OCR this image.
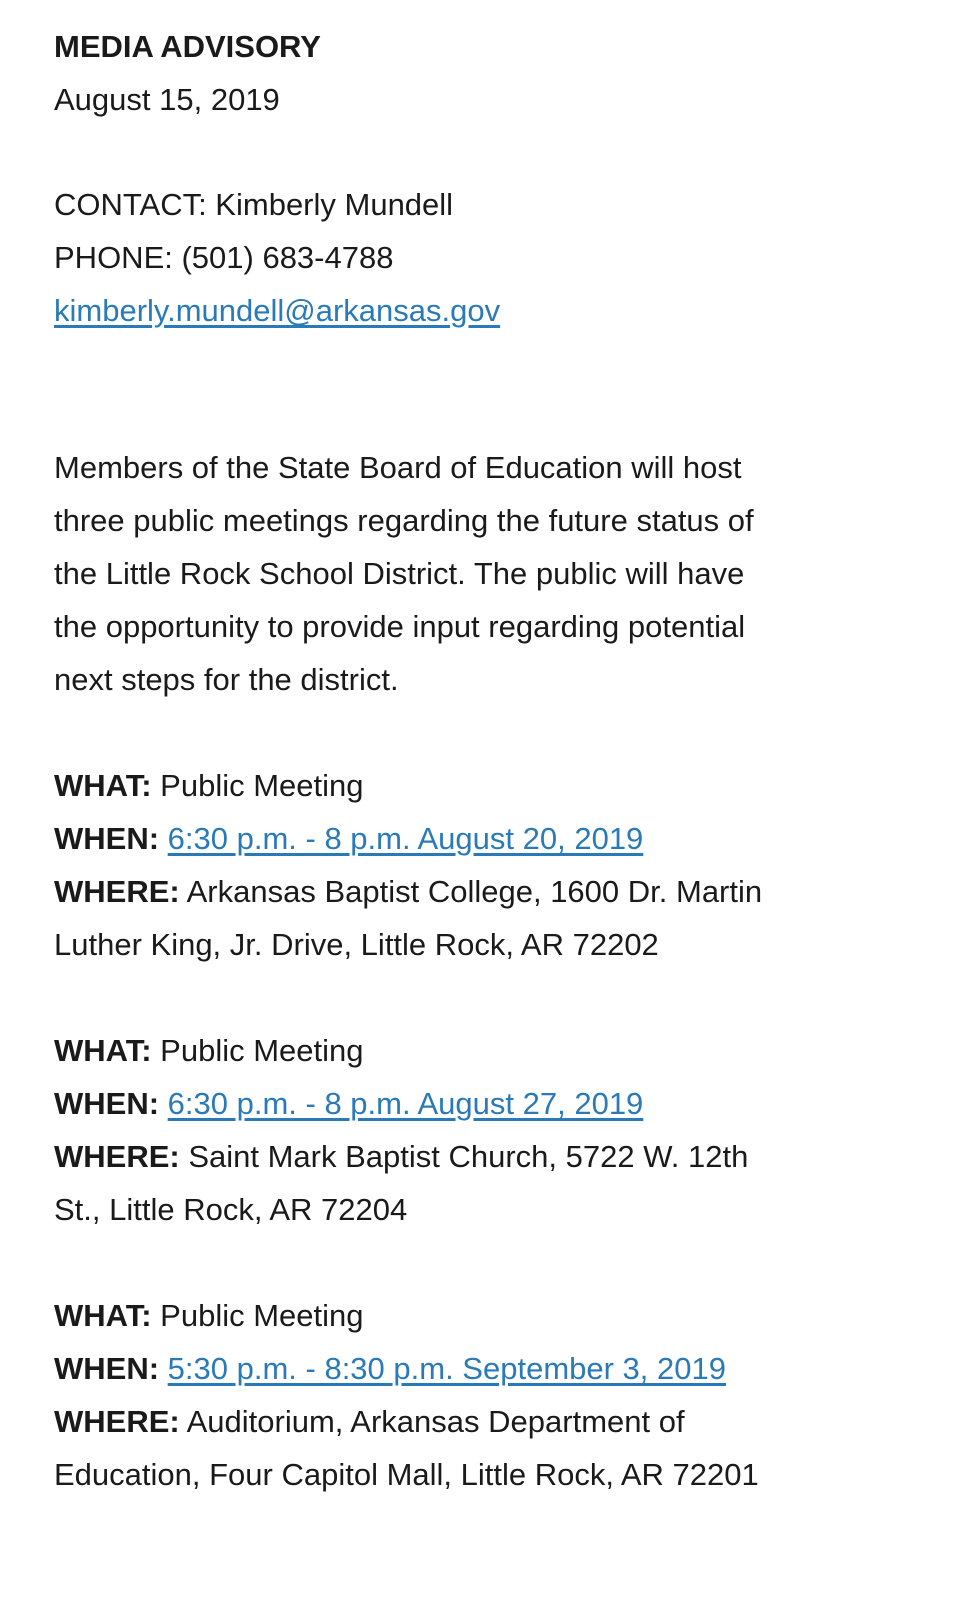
MEDIA ADVISORY
August 15, 2019
CONTACT: Kimberly Mundell
PHONE: (501) 683-4788
kimberly.mundell@arkansas.gov
Members of the State Board of Education will host
three public meetings regarding the future status of
the Little Rock School District. The public will have
the opportunity to provide input regarding potential
next steps for the district.
WHAT: Public Meeting
WHEN: 6:30 p.m. - 8 p.m. August 20, 2019
WHERE: Arkansas Baptist College, 1600 Dr. Martin
Luther King, Jr. Drive, Little Rock, AR 72202
WHAT: Public Meeting
WHEN: 6:30 p.m. - 8 p.m. August 27, 2019
WHERE: Saint Mark Baptist Church, 5722 W. 12th
St., Little Rock, AR 72204
WHAT: Public Meeting
WHEN: 5:30 p.m. - 8:30 p.m. September 3, 2019
WHERE: Auditorium, Arkansas Department of
Education, Four Capitol Mall, Little Rock, AR 72201
